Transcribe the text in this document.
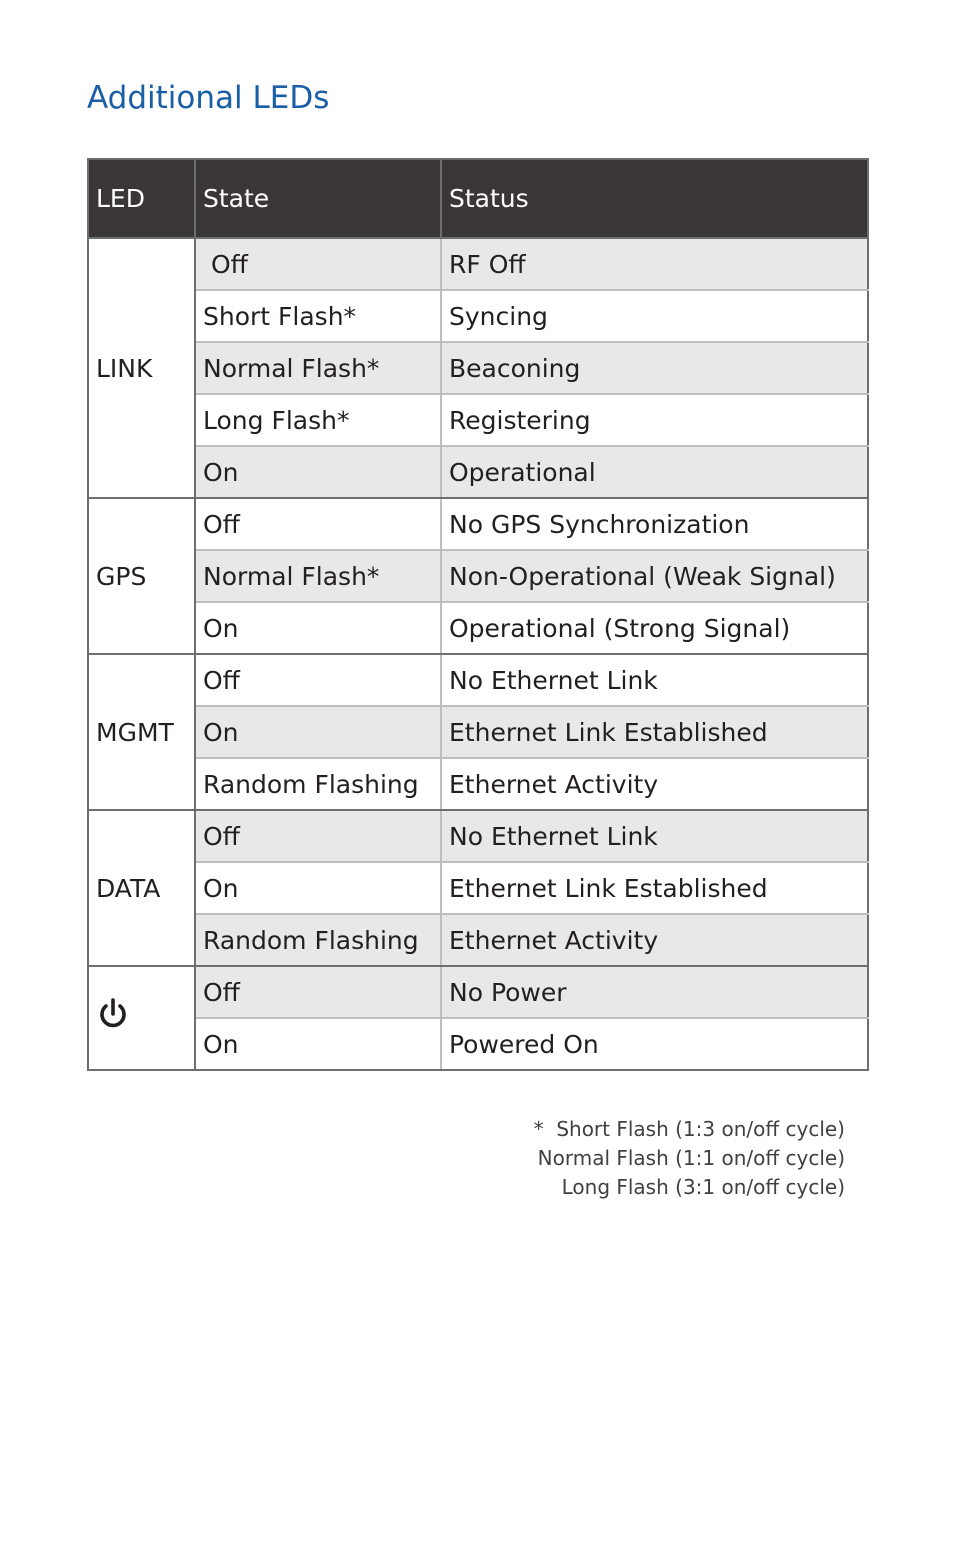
Additional LEDs
LED	State	Status
LINK	Off	RF Off
	Short Flash*	Syncing
	Normal Flash*	Beaconing
	Long Flash*	Registering
	On	Operational
GPS	Off	No GPS Synchronization
	Normal Flash*	Non-Operational (Weak Signal)
	On	Operational (Strong Signal)
MGMT	Off	No Ethernet Link
	On	Ethernet Link Established
	Random Flashing	Ethernet Activity
DATA	Off	No Ethernet Link
	On	Ethernet Link Established
	Random Flashing	Ethernet Activity
	Off	No Power
	On	Powered On
*  Short Flash (1:3 on/off cycle)
Normal Flash (1:1 on/off cycle)
Long Flash (3:1 on/off cycle)
